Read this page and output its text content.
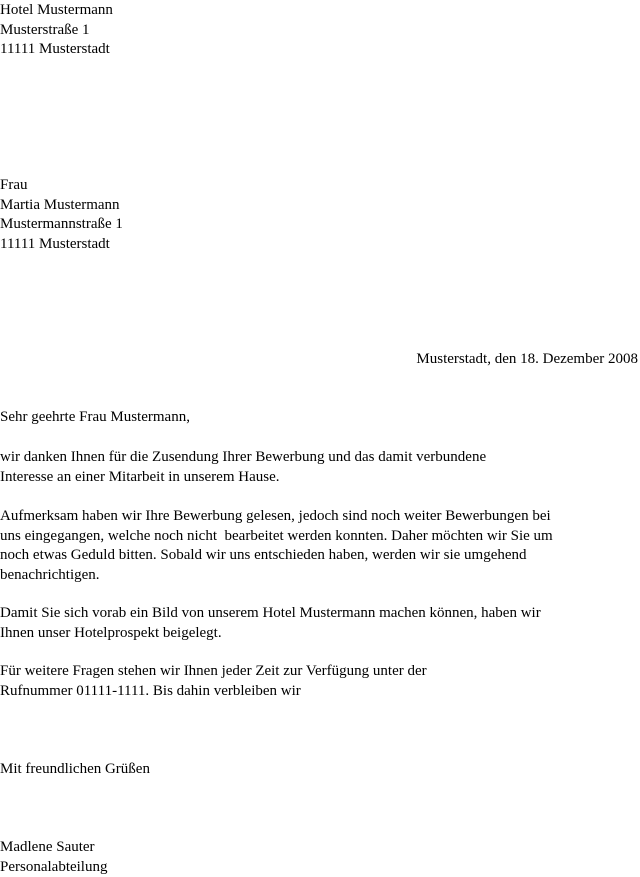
Hotel Mustermann
Musterstraße 1
11111 Musterstadt
Frau
Martia Mustermann
Mustermannstraße 1
11111 Musterstadt
Musterstadt, den 18. Dezember 2008
Sehr geehrte Frau Mustermann,
wir danken Ihnen für die Zusendung Ihrer Bewerbung und das damit verbundene
Interesse an einer Mitarbeit in unserem Hause.
Aufmerksam haben wir Ihre Bewerbung gelesen, jedoch sind noch weiter Bewerbungen bei
uns eingegangen, welche noch nicht  bearbeitet werden konnten. Daher möchten wir Sie um
noch etwas Geduld bitten. Sobald wir uns entschieden haben, werden wir sie umgehend
benachrichtigen.
Damit Sie sich vorab ein Bild von unserem Hotel Mustermann machen können, haben wir
Ihnen unser Hotelprospekt beigelegt.
Für weitere Fragen stehen wir Ihnen jeder Zeit zur Verfügung unter der
Rufnummer 01111-1111. Bis dahin verbleiben wir
Mit freundlichen Grüßen
Madlene Sauter
Personalabteilung
